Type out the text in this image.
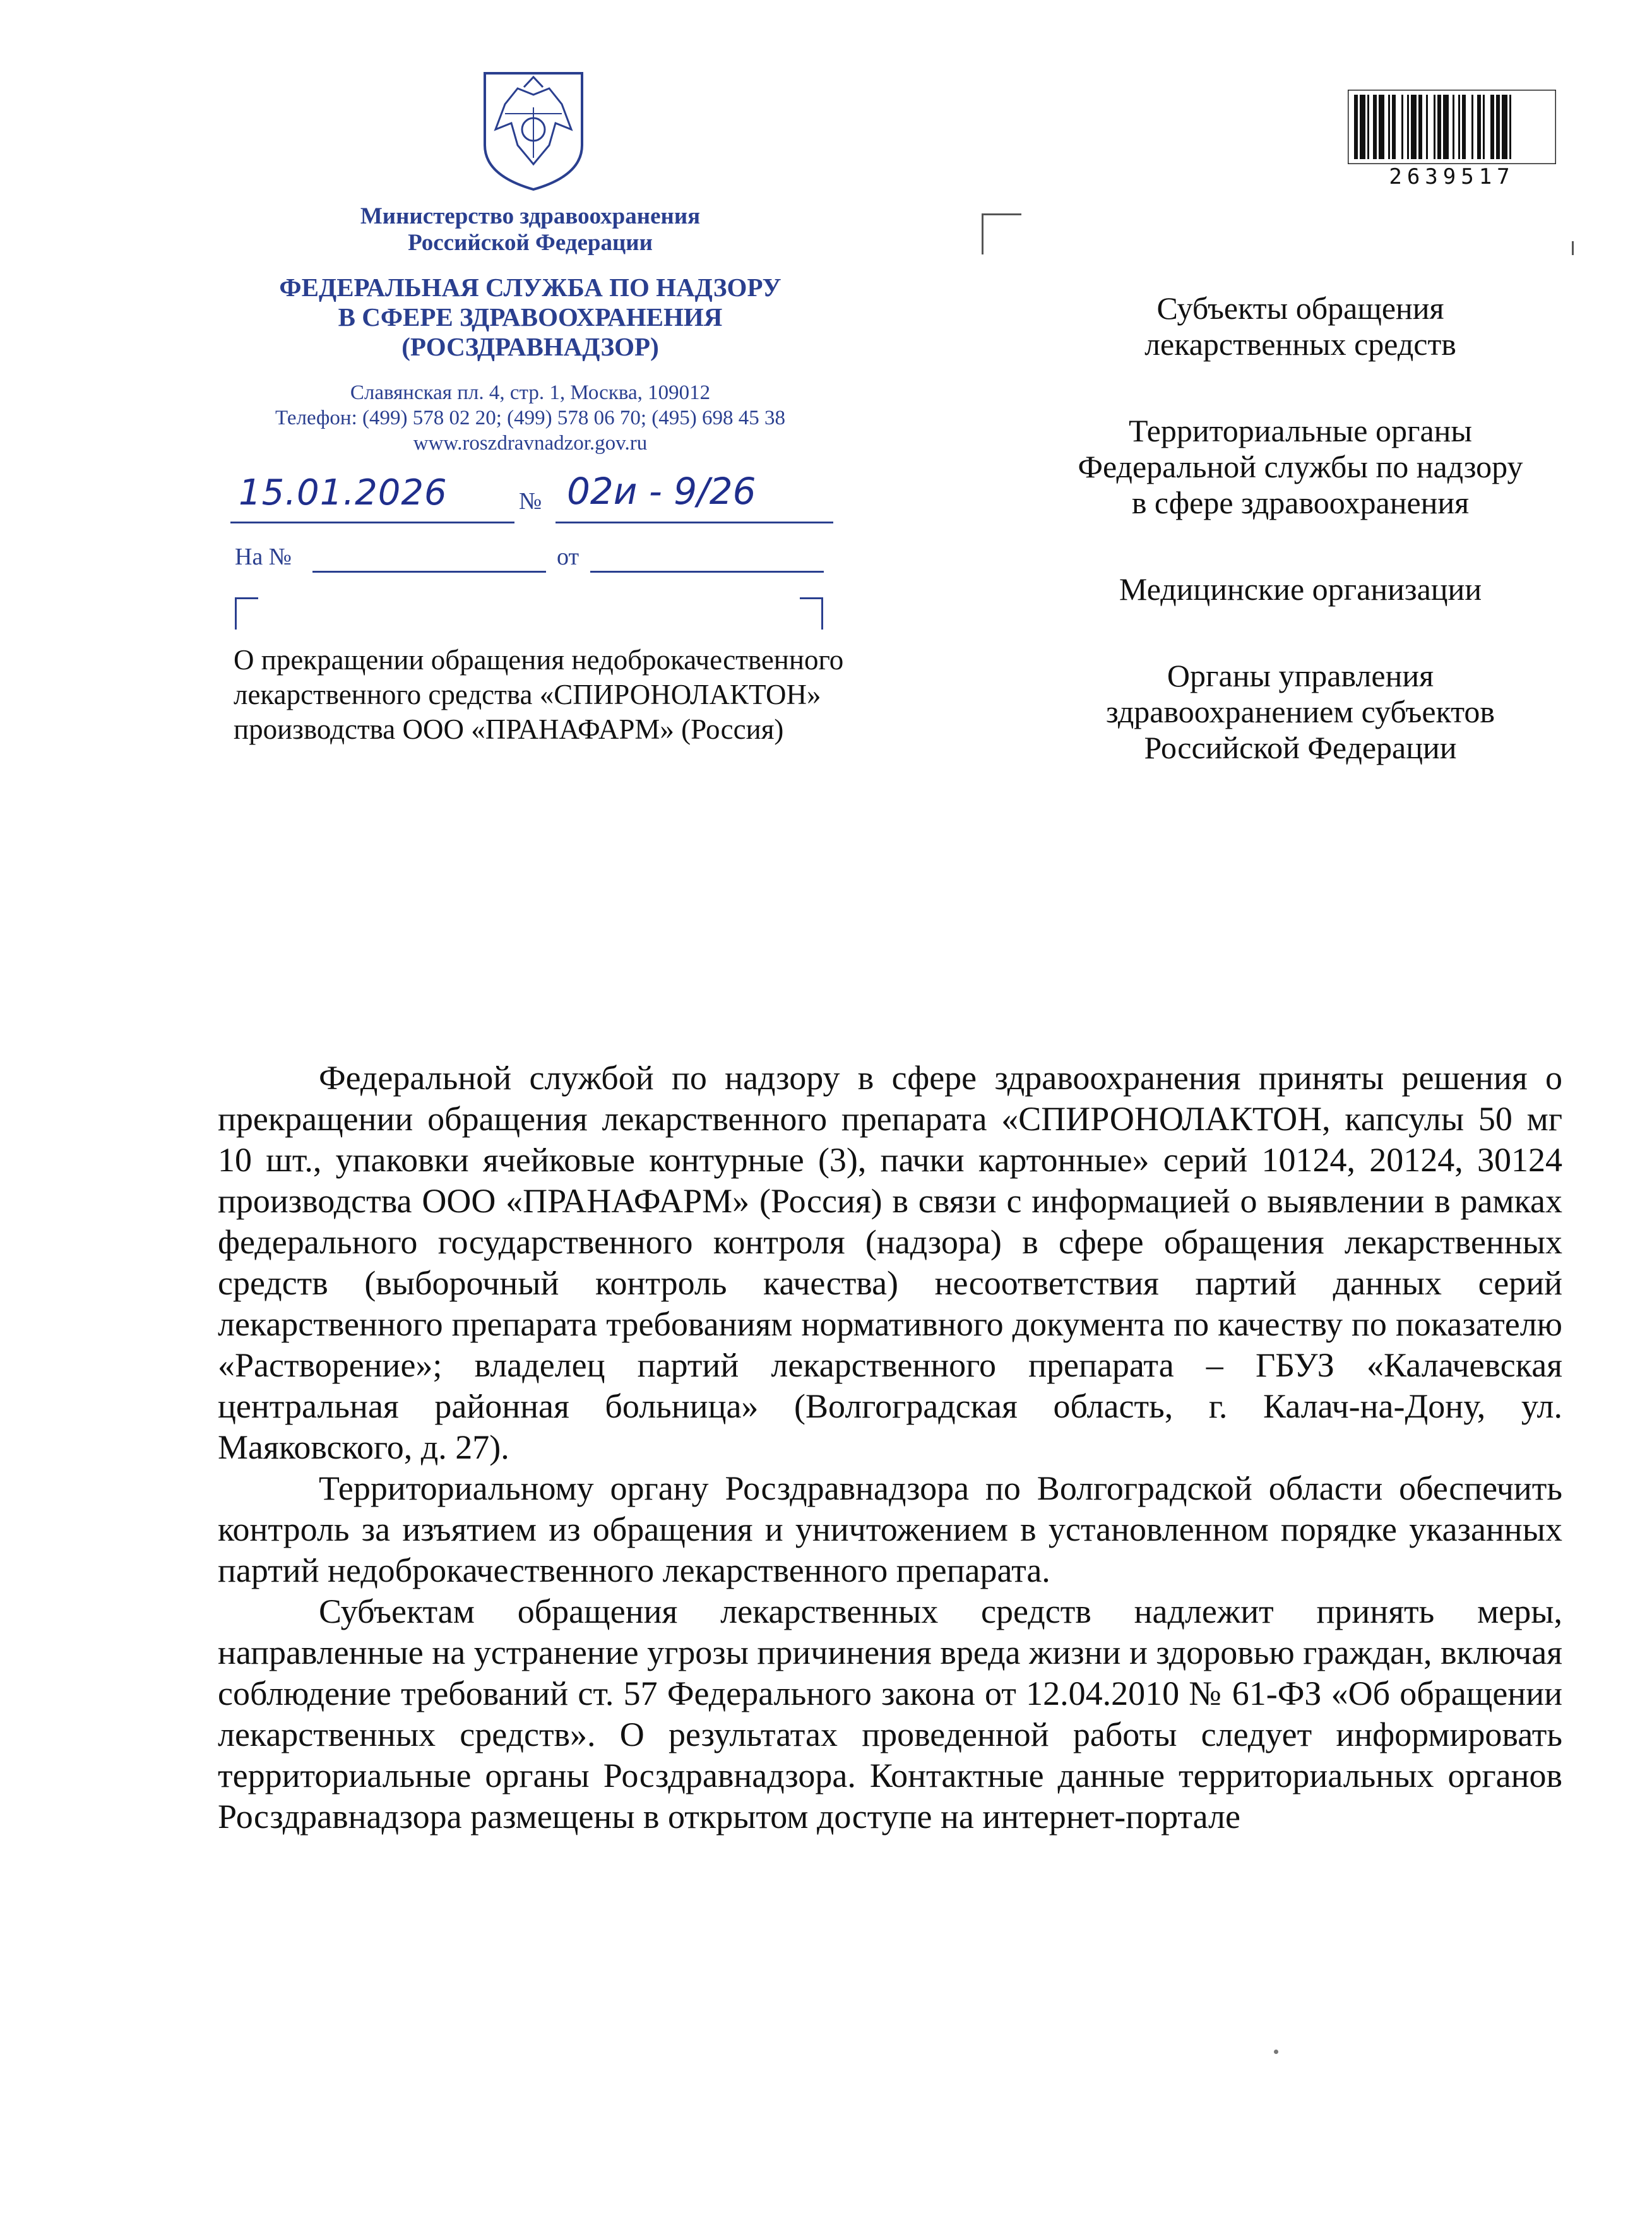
Министерство здравоохранения
Российской Федерации
ФЕДЕРАЛЬНАЯ СЛУЖБА ПО НАДЗОРУ
В СФЕРЕ ЗДРАВООХРАНЕНИЯ
(РОСЗДРАВНАДЗОР)
Славянская пл. 4, стр. 1, Москва, 109012
Телефон: (499) 578 02 20; (499) 578 06 70; (495) 698 45 38
www.roszdravnadzor.gov.ru
15.01.2026	№ 02и - 9/26
На №	от
О прекращении обращения недоброкачественного
лекарственного средства «СПИРОНОЛАКТОН»
производства ООО «ПРАНАФАРМ» (Россия)
2639517

Субъекты обращения
лекарственных средств

Территориальные органы
Федеральной службы по надзору
в сфере здравоохранения

Медицинские организации

Органы управления
здравоохранением субъектов
Российской Федерации

Федеральной службой по надзору в сфере здравоохранения приняты решения о прекращении обращения лекарственного препарата «СПИРОНОЛАКТОН, капсулы 50 мг 10 шт., упаковки ячейковые контурные (3), пачки картонные» серий 10124, 20124, 30124 производства ООО «ПРАНАФАРМ» (Россия) в связи с информацией о выявлении в рамках федерального государственного контроля (надзора) в сфере обращения лекарственных средств (выборочный контроль качества) несоответствия партий данных серий лекарственного препарата требованиям нормативного документа по качеству по показателю «Растворение»; владелец партий лекарственного препарата – ГБУЗ «Калачевская центральная районная больница» (Волгоградская область, г. Калач-на-Дону, ул. Маяковского, д. 27).

Территориальному органу Росздравнадзора по Волгоградской области обеспечить контроль за изъятием из обращения и уничтожением в установленном порядке указанных партий недоброкачественного лекарственного препарата.

Субъектам обращения лекарственных средств надлежит принять меры, направленные на устранение угрозы причинения вреда жизни и здоровью граждан, включая соблюдение требований ст. 57 Федерального закона от 12.04.2010 № 61-ФЗ «Об обращении лекарственных средств». О результатах проведенной работы следует информировать территориальные органы Росздравнадзора. Контактные данные территориальных органов Росздравнадзора размещены в открытом доступе на интернет-портале
